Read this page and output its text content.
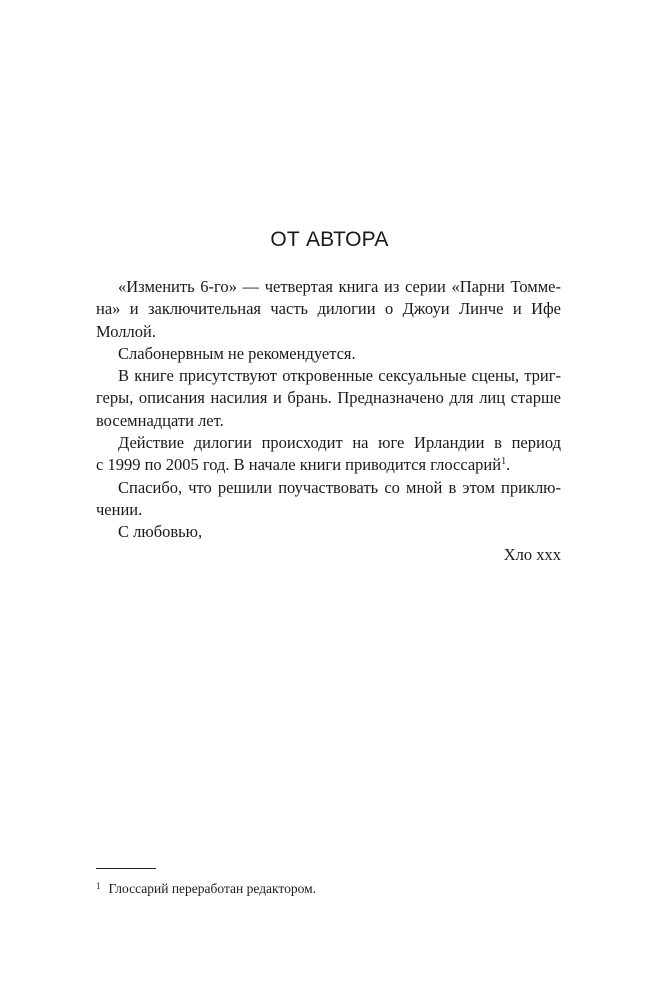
ОТ АВТОРА
«Изменить 6-го» — четвертая книга из серии «Парни Томме-
на» и заключительная часть дилогии о Джоуи Линче и Ифе
Моллой.
Слабонервным не рекомендуется.
В книге присутствуют откровенные сексуальные сцены, триг-
геры, описания насилия и брань. Предназначено для лиц старше
восемнадцати лет.
Действие дилогии происходит на юге Ирландии в период
с 1999 по 2005 год. В начале книги приводится глоссарий$^1$.
Спасибо, что решили поучаствовать со мной в этом приклю-
чении.
С любовью,
Хло xxx
$^1$ Глоссарий переработан редактором.
